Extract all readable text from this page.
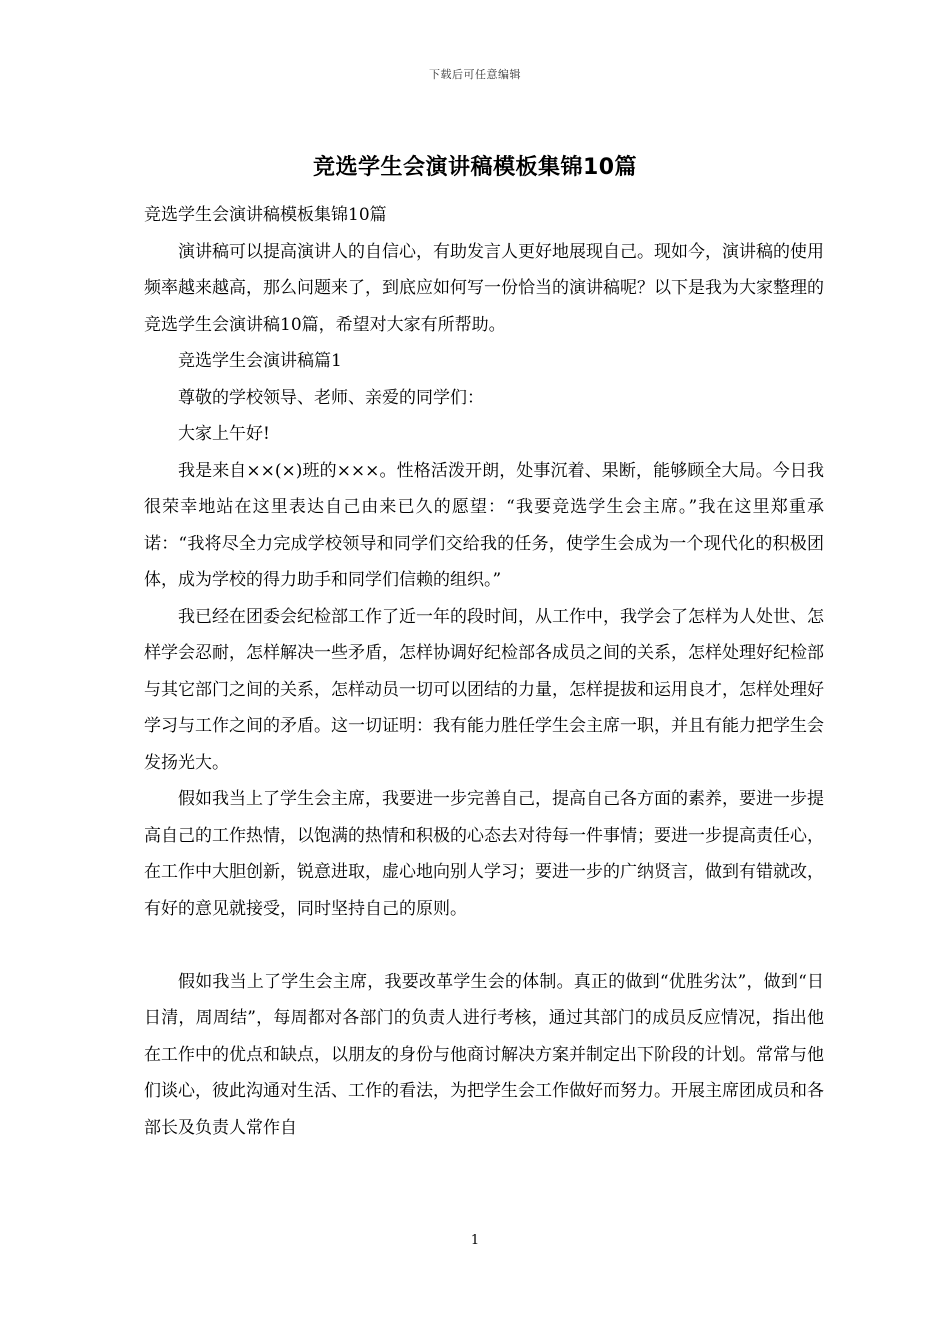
下载后可任意编辑
竞选学生会演讲稿模板集锦10篇

竞选学生会演讲稿模板集锦10篇

演讲稿可以提高演讲人的自信心，有助发言人更好地展现自己。现如今，演讲稿的使用频率越来越高，那么问题来了，到底应如何写一份恰当的演讲稿呢？以下是我为大家整理的竞选学生会演讲稿10篇，希望对大家有所帮助。

竞选学生会演讲稿篇1

尊敬的学校领导、老师、亲爱的同学们：

大家上午好!

我是来自××(×)班的×××。性格活泼开朗，处事沉着、果断，能够顾全大局。今日我很荣幸地站在这里表达自己由来已久的愿望：“我要竞选学生会主席。”我在这里郑重承诺：“我将尽全力完成学校领导和同学们交给我的任务，使学生会成为一个现代化的积极团体，成为学校的得力助手和同学们信赖的组织。”

我已经在团委会纪检部工作了近一年的段时间，从工作中，我学会了怎样为人处世、怎样学会忍耐，怎样解决一些矛盾，怎样协调好纪检部各成员之间的关系，怎样处理好纪检部与其它部门之间的关系，怎样动员一切可以团结的力量，怎样提拔和运用良才，怎样处理好学习与工作之间的矛盾。这一切证明：我有能力胜任学生会主席一职，并且有能力把学生会发扬光大。

假如我当上了学生会主席，我要进一步完善自己，提高自己各方面的素养，要进一步提高自己的工作热情，以饱满的热情和积极的心态去对待每一件事情；要进一步提高责任心，在工作中大胆创新，锐意进取，虚心地向别人学习；要进一步的广纳贤言，做到有错就改，有好的意见就接受，同时坚持自己的原则。

假如我当上了学生会主席，我要改革学生会的体制。真正的做到“优胜劣汰”，做到“日日清，周周结”，每周都对各部门的负责人进行考核，通过其部门的成员反应情况，指出他在工作中的优点和缺点，以朋友的身份与他商讨解决方案并制定出下阶段的计划。常常与他们谈心，彼此沟通对生活、工作的看法，为把学生会工作做好而努力。开展主席团成员和各部长及负责人常作自

1
